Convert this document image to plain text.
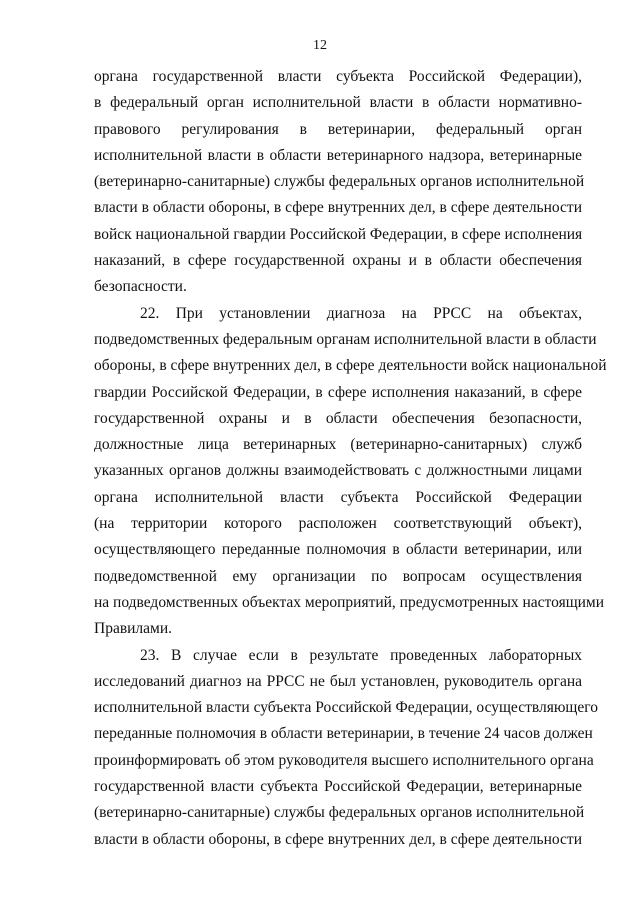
12
органа государственной власти субъекта Российской Федерации),
в федеральный орган исполнительной власти в области нормативно-
правового регулирования в ветеринарии, федеральный орган
исполнительной власти в области ветеринарного надзора, ветеринарные
(ветеринарно-санитарные) службы федеральных органов исполнительной
власти в области обороны, в сфере внутренних дел, в сфере деятельности
войск национальной гвардии Российской Федерации, в сфере исполнения
наказаний, в сфере государственной охраны и в области обеспечения
безопасности.
22. При установлении диагноза на РРСС на объектах,
подведомственных федеральным органам исполнительной власти в области
обороны, в сфере внутренних дел, в сфере деятельности войск национальной
гвардии Российской Федерации, в сфере исполнения наказаний, в сфере
государственной охраны и в области обеспечения безопасности,
должностные лица ветеринарных (ветеринарно-санитарных) служб
указанных органов должны взаимодействовать с должностными лицами
органа исполнительной власти субъекта Российской Федерации
(на территории которого расположен соответствующий объект),
осуществляющего переданные полномочия в области ветеринарии, или
подведомственной ему организации по вопросам осуществления
на подведомственных объектах мероприятий, предусмотренных настоящими
Правилами.
23. В случае если в результате проведенных лабораторных
исследований диагноз на РРСС не был установлен, руководитель органа
исполнительной власти субъекта Российской Федерации, осуществляющего
переданные полномочия в области ветеринарии, в течение 24 часов должен
проинформировать об этом руководителя высшего исполнительного органа
государственной власти субъекта Российской Федерации, ветеринарные
(ветеринарно-санитарные) службы федеральных органов исполнительной
власти в области обороны, в сфере внутренних дел, в сфере деятельности
